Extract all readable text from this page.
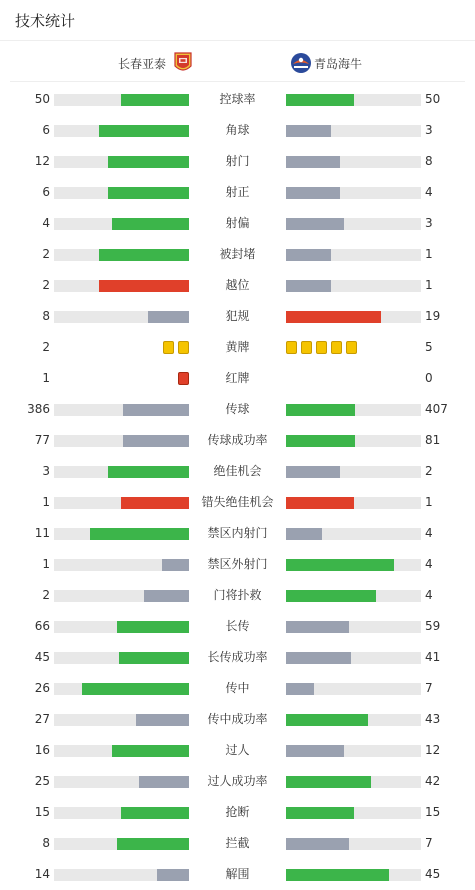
技术统计
长春亚泰	青岛海牛
50	控球率	50
6	角球	3
12	射门	8
6	射正	4
4	射偏	3
2	被封堵	1
2	越位	1
8	犯规	19
2	黄牌	5
1	红牌	0
386	传球	407
77	传球成功率	81
3	绝佳机会	2
1	错失绝佳机会	1
11	禁区内射门	4
1	禁区外射门	4
2	门将扑救	4
66	长传	59
45	长传成功率	41
26	传中	7
27	传中成功率	43
16	过人	12
25	过人成功率	42
15	抢断	15
8	拦截	7
14	解围	45
